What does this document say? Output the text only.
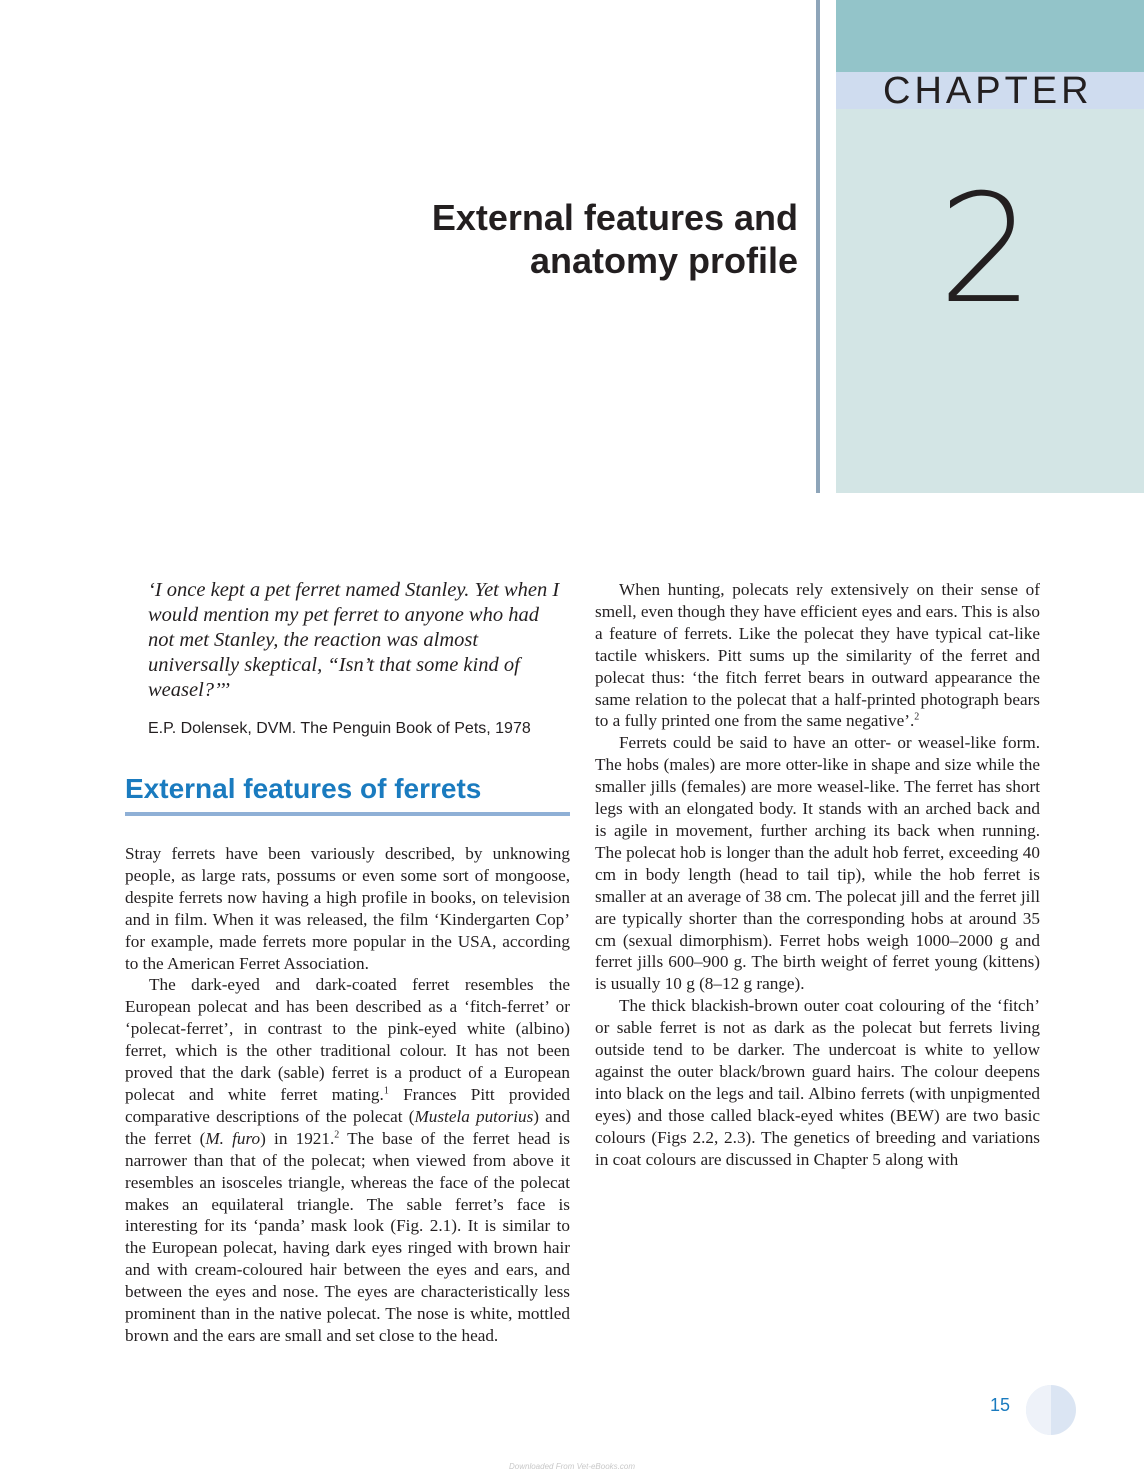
CHAPTER
2
External features and
anatomy profile

‘I once kept a pet ferret named Stanley. Yet when I would mention my pet ferret to anyone who had not met Stanley, the reaction was almost universally skeptical, “Isn’t that some kind of weasel?’’’

E.P. Dolensek, DVM. The Penguin Book of Pets, 1978

External features of ferrets

Stray ferrets have been variously described, by unknowing people, as large rats, possums or even some sort of mongoose, despite ferrets now having a high profile in books, on television and in film. When it was released, the film ‘Kindergarten Cop’ for example, made ferrets more popular in the USA, according to the American Ferret Association.

The dark-eyed and dark-coated ferret resembles the European polecat and has been described as a ‘fitch-ferret’ or ‘polecat-ferret’, in contrast to the pink-eyed white (albino) ferret, which is the other traditional colour. It has not been proved that the dark (sable) ferret is a product of a European polecat and white ferret mating.$^1$ Frances Pitt provided comparative descriptions of the polecat (Mustela putorius) and the ferret (M. furo) in 1921.$^2$ The base of the ferret head is narrower than that of the polecat; when viewed from above it resembles an isosceles triangle, whereas the face of the polecat makes an equilateral triangle. The sable ferret’s face is interesting for its ‘panda’ mask look (Fig. 2.1). It is similar to the European polecat, having dark eyes ringed with brown hair and with cream-coloured hair between the eyes and ears, and between the eyes and nose. The eyes are characteristically less prominent than in the native polecat. The nose is white, mottled brown and the ears are small and set close to the head.

When hunting, polecats rely extensively on their sense of smell, even though they have efficient eyes and ears. This is also a feature of ferrets. Like the polecat they have typical cat-like tactile whiskers. Pitt sums up the similarity of the ferret and polecat thus: ‘the fitch ferret bears in outward appearance the same relation to the polecat that a half-printed photograph bears to a fully printed one from the same negative’.$^2$

Ferrets could be said to have an otter- or weasel-like form. The hobs (males) are more otter-like in shape and size while the smaller jills (females) are more weasel-like. The ferret has short legs with an elongated body. It stands with an arched back and is agile in movement, further arching its back when running. The polecat hob is longer than the adult hob ferret, exceeding 40 cm in body length (head to tail tip), while the hob ferret is smaller at an average of 38 cm. The polecat jill and the ferret jill are typically shorter than the corresponding hobs at around 35 cm (sexual dimorphism). Ferret hobs weigh 1000–2000 g and ferret jills 600–900 g. The birth weight of ferret young (kittens) is usually 10 g (8–12 g range).

The thick blackish-brown outer coat colouring of the ‘fitch’ or sable ferret is not as dark as the polecat but ferrets living outside tend to be darker. The undercoat is white to yellow against the outer black/brown guard hairs. The colour deepens into black on the legs and tail. Albino ferrets (with unpigmented eyes) and those called black-eyed whites (BEW) are two basic colours (Figs 2.2, 2.3). The genetics of breeding and variations in coat colours are discussed in Chapter 5 along with

15
Downloaded From Vet-eBooks.com
